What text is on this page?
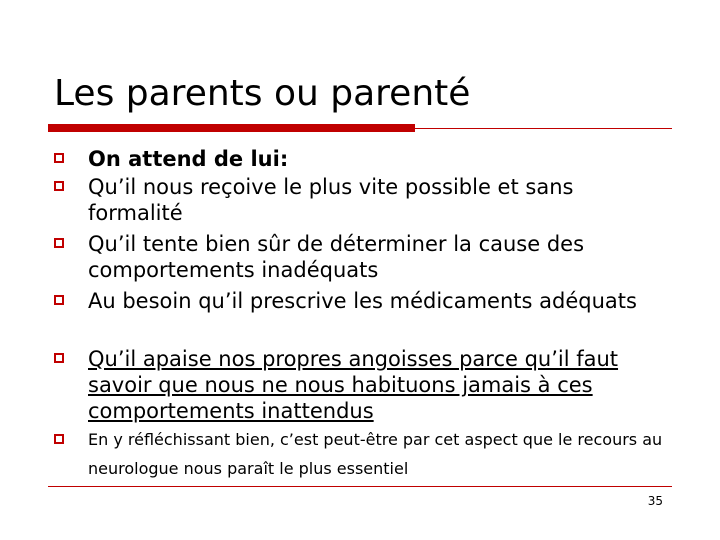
Les parents ou parenté
On attend de lui:
Qu’il nous reçoive le plus vite possible et sans formalité
Qu’il tente bien sûr de déterminer la cause des comportements inadéquats
Au besoin qu’il prescrive les médicaments adéquats
Qu’il apaise nos propres angoisses parce qu’il faut savoir que nous ne nous habituons jamais à ces comportements inattendus
En y réfléchissant bien, c’est peut-être par cet aspect que le recours au neurologue nous paraît le plus essentiel
35
